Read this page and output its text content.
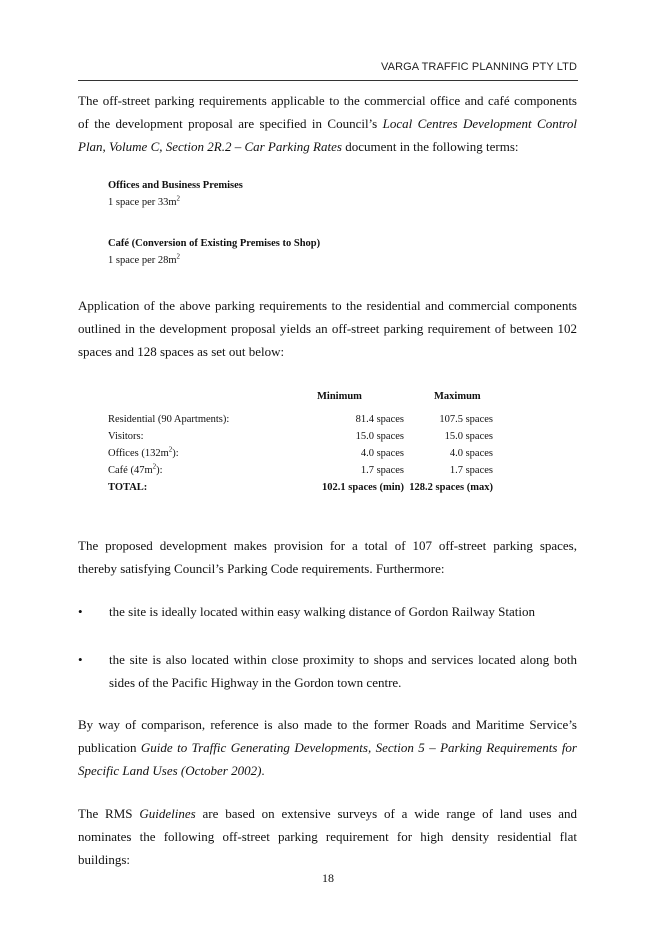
VARGA TRAFFIC PLANNING PTY LTD
The off-street parking requirements applicable to the commercial office and café components
of the development proposal are specified in Council’s Local Centres Development Control
Plan, Volume C, Section 2R.2 – Car Parking Rates document in the following terms:
Offices and Business Premises
1 space per $33m^2$
Café (Conversion of Existing Premises to Shop)
1 space per $28m^2$
Application of the above parking requirements to the residential and commercial components
outlined in the development proposal yields an off-street parking requirement of between 102
spaces and 128 spaces as set out below:
Minimum	Maximum
Residential (90 Apartments):	81.4 spaces	107.5 spaces
Visitors:	15.0 spaces	15.0 spaces
Offices $(132m^2)$:	4.0 spaces	4.0 spaces
Café $(47m^2)$:	1.7 spaces	1.7 spaces
TOTAL:	102.1 spaces (min) 128.2 spaces (max)
The proposed development makes provision for a total of 107 off-street parking spaces,
thereby satisfying Council’s Parking Code requirements. Furthermore:
• the site is ideally located within easy walking distance of Gordon Railway Station
• the site is also located within close proximity to shops and services located along both
sides of the Pacific Highway in the Gordon town centre.
By way of comparison, reference is also made to the former Roads and Maritime Service’s
publication Guide to Traffic Generating Developments, Section 5 – Parking Requirements for
Specific Land Uses (October 2002).
The RMS Guidelines are based on extensive surveys of a wide range of land uses and
nominates the following off-street parking requirement for high density residential flat
buildings:
18
